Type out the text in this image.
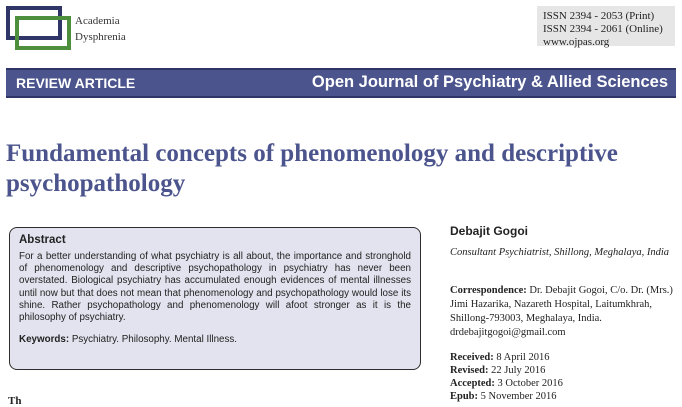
Academia
Dysphrenia
ISSN 2394 - 2053 (Print)
ISSN 2394 - 2061 (Online)
www.ojpas.org
REVIEW ARTICLE	Open Journal of Psychiatry & Allied Sciences
Fundamental concepts of phenomenology and descriptive psychopathology
Abstract
For a better understanding of what psychiatry is all about, the importance and stronghold of phenomenology and descriptive psychopathology in psychiatry has never been overstated. Biological psychiatry has accumulated enough evidences of mental illnesses until now but that does not mean that phenomenology and psychopathology would lose its shine. Rather psychopathology and phenomenology will afoot stronger as it is the philosophy of psychiatry.
Keywords: Psychiatry. Philosophy. Mental Illness.
Debajit Gogoi
Consultant Psychiatrist, Shillong, Meghalaya, India
Correspondence: Dr. Debajit Gogoi, C/o. Dr. (Mrs.) Jimi Hazarika, Nazareth Hospital, Laitumkhrah, Shillong-793003, Meghalaya, India. drdebajitgogoi@gmail.com
Received: 8 April 2016
Revised: 22 July 2016
Accepted: 3 October 2016
Epub: 5 November 2016
Th
